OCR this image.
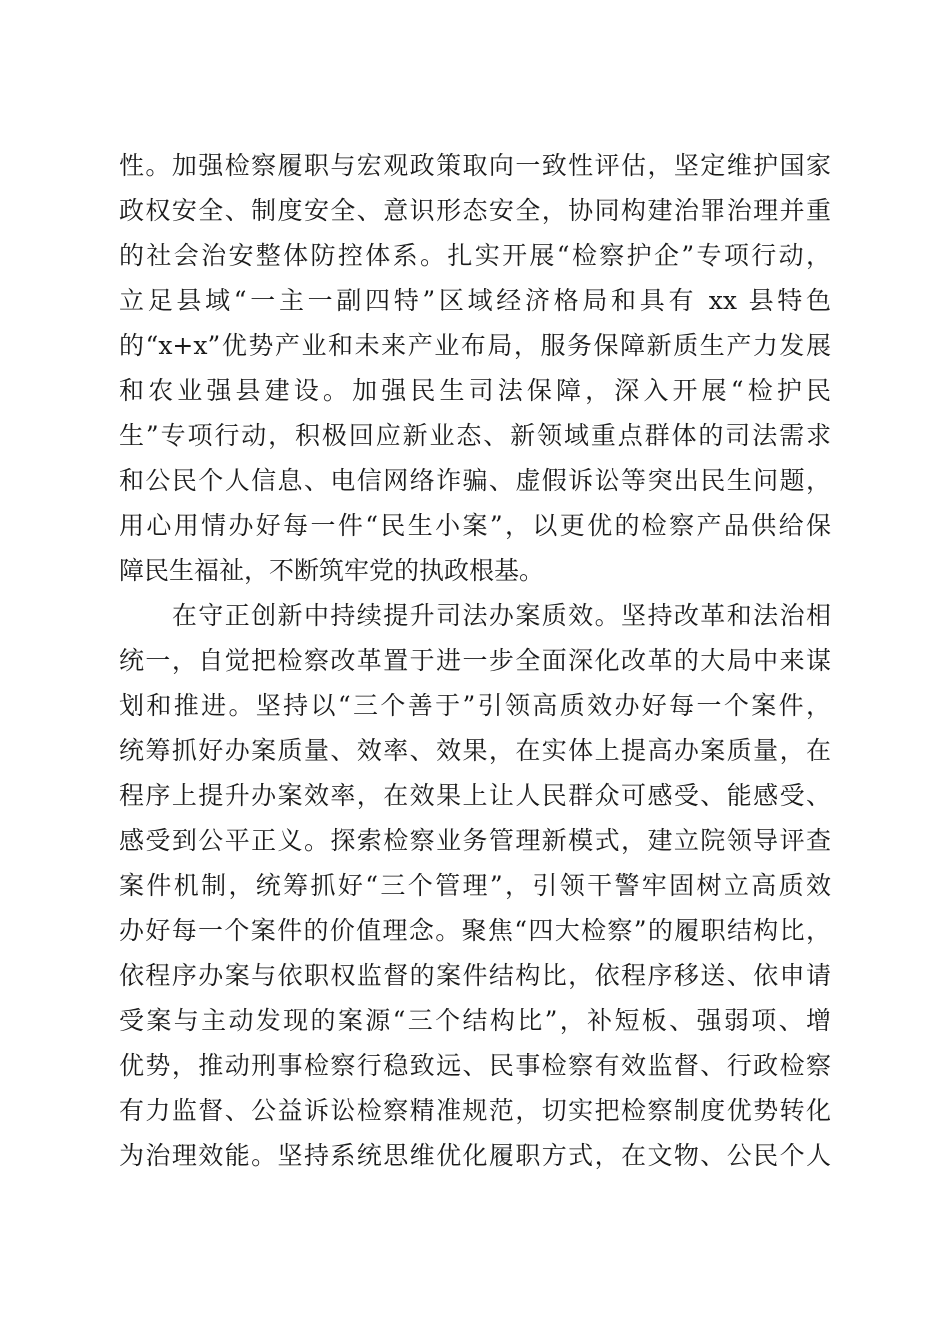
性。加强检察履职与宏观政策取向一致性评估，坚定维护国家
政权安全、制度安全、意识形态安全，协同构建治罪治理并重
的社会治安整体防控体系。扎实开展“检察护企”专项行动，
立足县域“一主一副四特”区域经济格局和具有 xx 县特色
的“x+x”优势产业和未来产业布局，服务保障新质生产力发展
和农业强县建设。加强民生司法保障，深入开展“检护民
生”专项行动，积极回应新业态、新领域重点群体的司法需求
和公民个人信息、电信网络诈骗、虚假诉讼等突出民生问题，
用心用情办好每一件“民生小案”，以更优的检察产品供给保
障民生福祉，不断筑牢党的执政根基。
　　在守正创新中持续提升司法办案质效。坚持改革和法治相
统一，自觉把检察改革置于进一步全面深化改革的大局中来谋
划和推进。坚持以“三个善于”引领高质效办好每一个案件，
统筹抓好办案质量、效率、效果，在实体上提高办案质量，在
程序上提升办案效率，在效果上让人民群众可感受、能感受、
感受到公平正义。探索检察业务管理新模式，建立院领导评查
案件机制，统筹抓好“三个管理”，引领干警牢固树立高质效
办好每一个案件的价值理念。聚焦“四大检察”的履职结构比，
依程序办案与依职权监督的案件结构比，依程序移送、依申请
受案与主动发现的案源“三个结构比”，补短板、强弱项、增
优势，推动刑事检察行稳致远、民事检察有效监督、行政检察
有力监督、公益诉讼检察精准规范，切实把检察制度优势转化
为治理效能。坚持系统思维优化履职方式，在文物、公民个人
